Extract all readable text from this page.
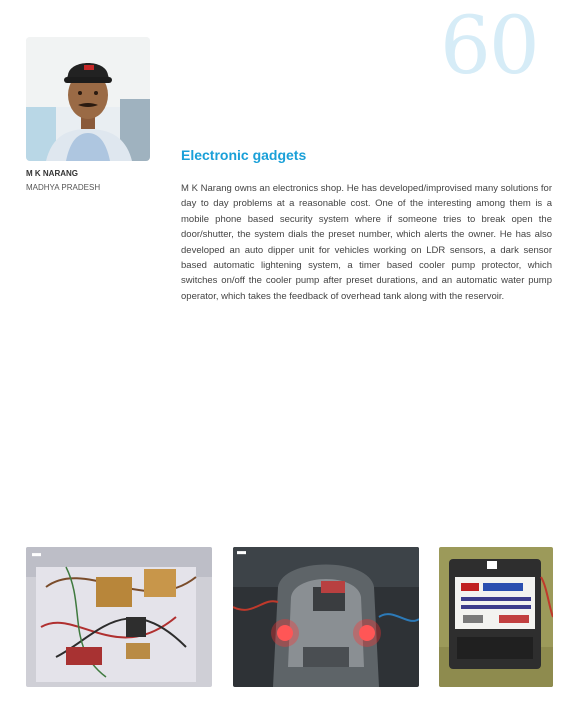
60
M K NARANG
MADHYA PRADESH
Electronic gadgets

M K Narang owns an electronics shop. He has developed/improvised many solutions for day to day problems at a reasonable cost. One of the interesting among them is a mobile phone based security system where if someone tries to break open the door/shutter, the system dials the preset number, which alerts the owner. He has also developed an auto dipper unit for vehicles working on LDR sensors, a dark sensor based automatic lightening system, a timer based cooler pump protector, which switches on/off the cooler pump after preset durations, and an automatic water pump operator, which takes the feedback of overhead tank along with the reservoir.

■■■	■■■
